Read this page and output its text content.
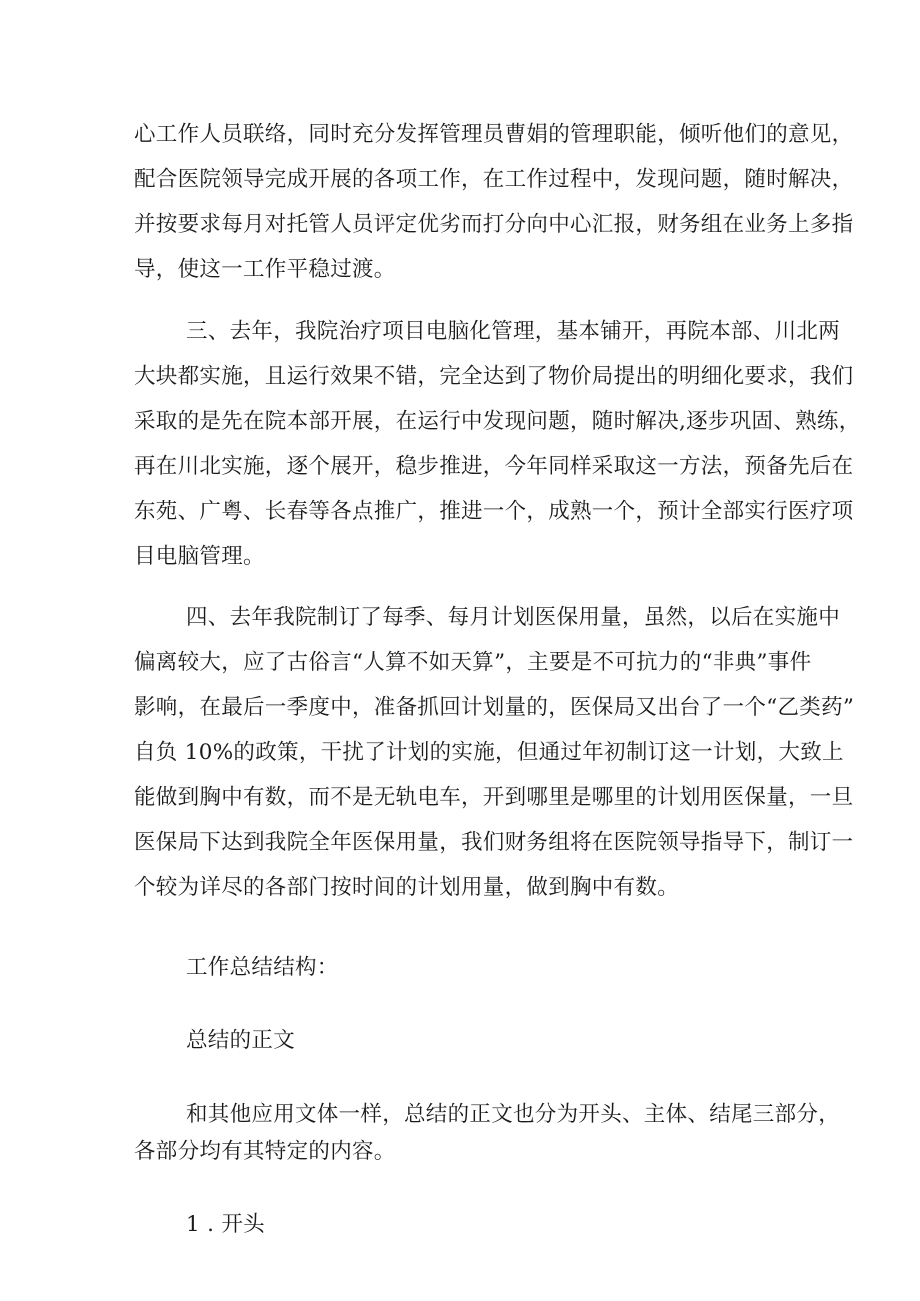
心工作人员联络，同时充分发挥管理员曹娟的管理职能，倾听他们的意见，
配合医院领导完成开展的各项工作，在工作过程中，发现问题，随时解决，
并按要求每月对托管人员评定优劣而打分向中心汇报，财务组在业务上多指
导，使这一工作平稳过渡。
三、去年，我院治疗项目电脑化管理，基本铺开，再院本部、川北两
大块都实施，且运行效果不错，完全达到了物价局提出的明细化要求，我们
采取的是先在院本部开展，在运行中发现问题，随时解决,逐步巩固、熟练，
再在川北实施，逐个展开，稳步推进，今年同样采取这一方法，预备先后在
东苑、广粤、长春等各点推广，推进一个，成熟一个，预计全部实行医疗项
目电脑管理。
四、去年我院制订了每季、每月计划医保用量，虽然，以后在实施中
偏离较大，应了古俗言“人算不如天算”，主要是不可抗力的“非典”事件
影响，在最后一季度中，准备抓回计划量的，医保局又出台了一个“乙类药”
自负 10%的政策，干扰了计划的实施，但通过年初制订这一计划，大致上
能做到胸中有数，而不是无轨电车，开到哪里是哪里的计划用医保量，一旦
医保局下达到我院全年医保用量，我们财务组将在医院领导指导下，制订一
个较为详尽的各部门按时间的计划用量，做到胸中有数。

工作总结结构：

总结的正文

和其他应用文体一样，总结的正文也分为开头、主体、结尾三部分，
各部分均有其特定的内容。

1 . 开头
